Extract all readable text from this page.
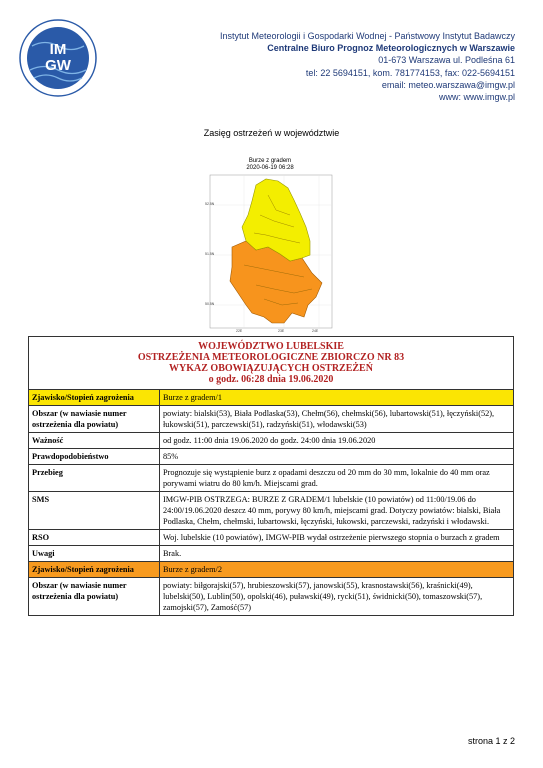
IM
GW
Instytut Meteorologii i Gospodarki Wodnej - Państwowy Instytut Badawczy
Centralne Biuro Prognoz Meteorologicznych w Warszawie
01-673 Warszawa ul. Podleśna 61
tel: 22 5694151, kom. 781774153, fax: 022-5694151
email: meteo.warszawa@imgw.pl
www: www.imgw.pl
Zasięg ostrzeżeń w województwie
Burze z gradem
2020-06-19 06:28
52.5N
51.5N
50.5N
22E	23E	24E
WOJEWÓDZTWO LUBELSKIE
OSTRZEŻENIA METEOROLOGICZNE ZBIORCZO NR 83
WYKAZ OBOWIĄZUJĄCYCH OSTRZEŻEŃ
o godz. 06:28 dnia 19.06.2020	

Zjawisko/Stopień zagrożenia	Burze z gradem/1
Obszar (w nawiasie numer ostrzeżenia dla powiatu)	powiaty: bialski(53), Biała Podlaska(53), Chełm(56), chełmski(56), lubartowski(51), łęczyński(52), łukowski(51), parczewski(51), radzyński(51), włodawski(53)
Ważność	od godz. 11:00 dnia 19.06.2020 do godz. 24:00 dnia 19.06.2020
Prawdopodobieństwo	85%
Przebieg	Prognozuje się wystąpienie burz z opadami deszczu od 20 mm do 30 mm, lokalnie do 40 mm oraz porywami wiatru do 80 km/h. Miejscami grad.
SMS	IMGW-PIB OSTRZEGA: BURZE Z GRADEM/1 lubelskie (10 powiatów) od 11:00/19.06 do 24:00/19.06.2020 deszcz 40 mm, porywy 80 km/h, miejscami grad. Dotyczy powiatów: bialski, Biała Podlaska, Chełm, chełmski, lubartowski, łęczyński, łukowski, parczewski, radzyński i włodawski.
RSO	Woj. lubelskie (10 powiatów), IMGW-PIB wydał ostrzeżenie pierwszego stopnia o burzach z gradem
Uwagi	Brak.
Zjawisko/Stopień zagrożenia	Burze z gradem/2
Obszar (w nawiasie numer ostrzeżenia dla powiatu)	powiaty: biłgorajski(57), hrubieszowski(57), janowski(55), krasnostawski(56), kraśnicki(49), lubelski(50), Lublin(50), opolski(46), puławski(49), rycki(51), świdnicki(50), tomaszowski(57), zamojski(57), Zamość(57)
strona 1 z 2
